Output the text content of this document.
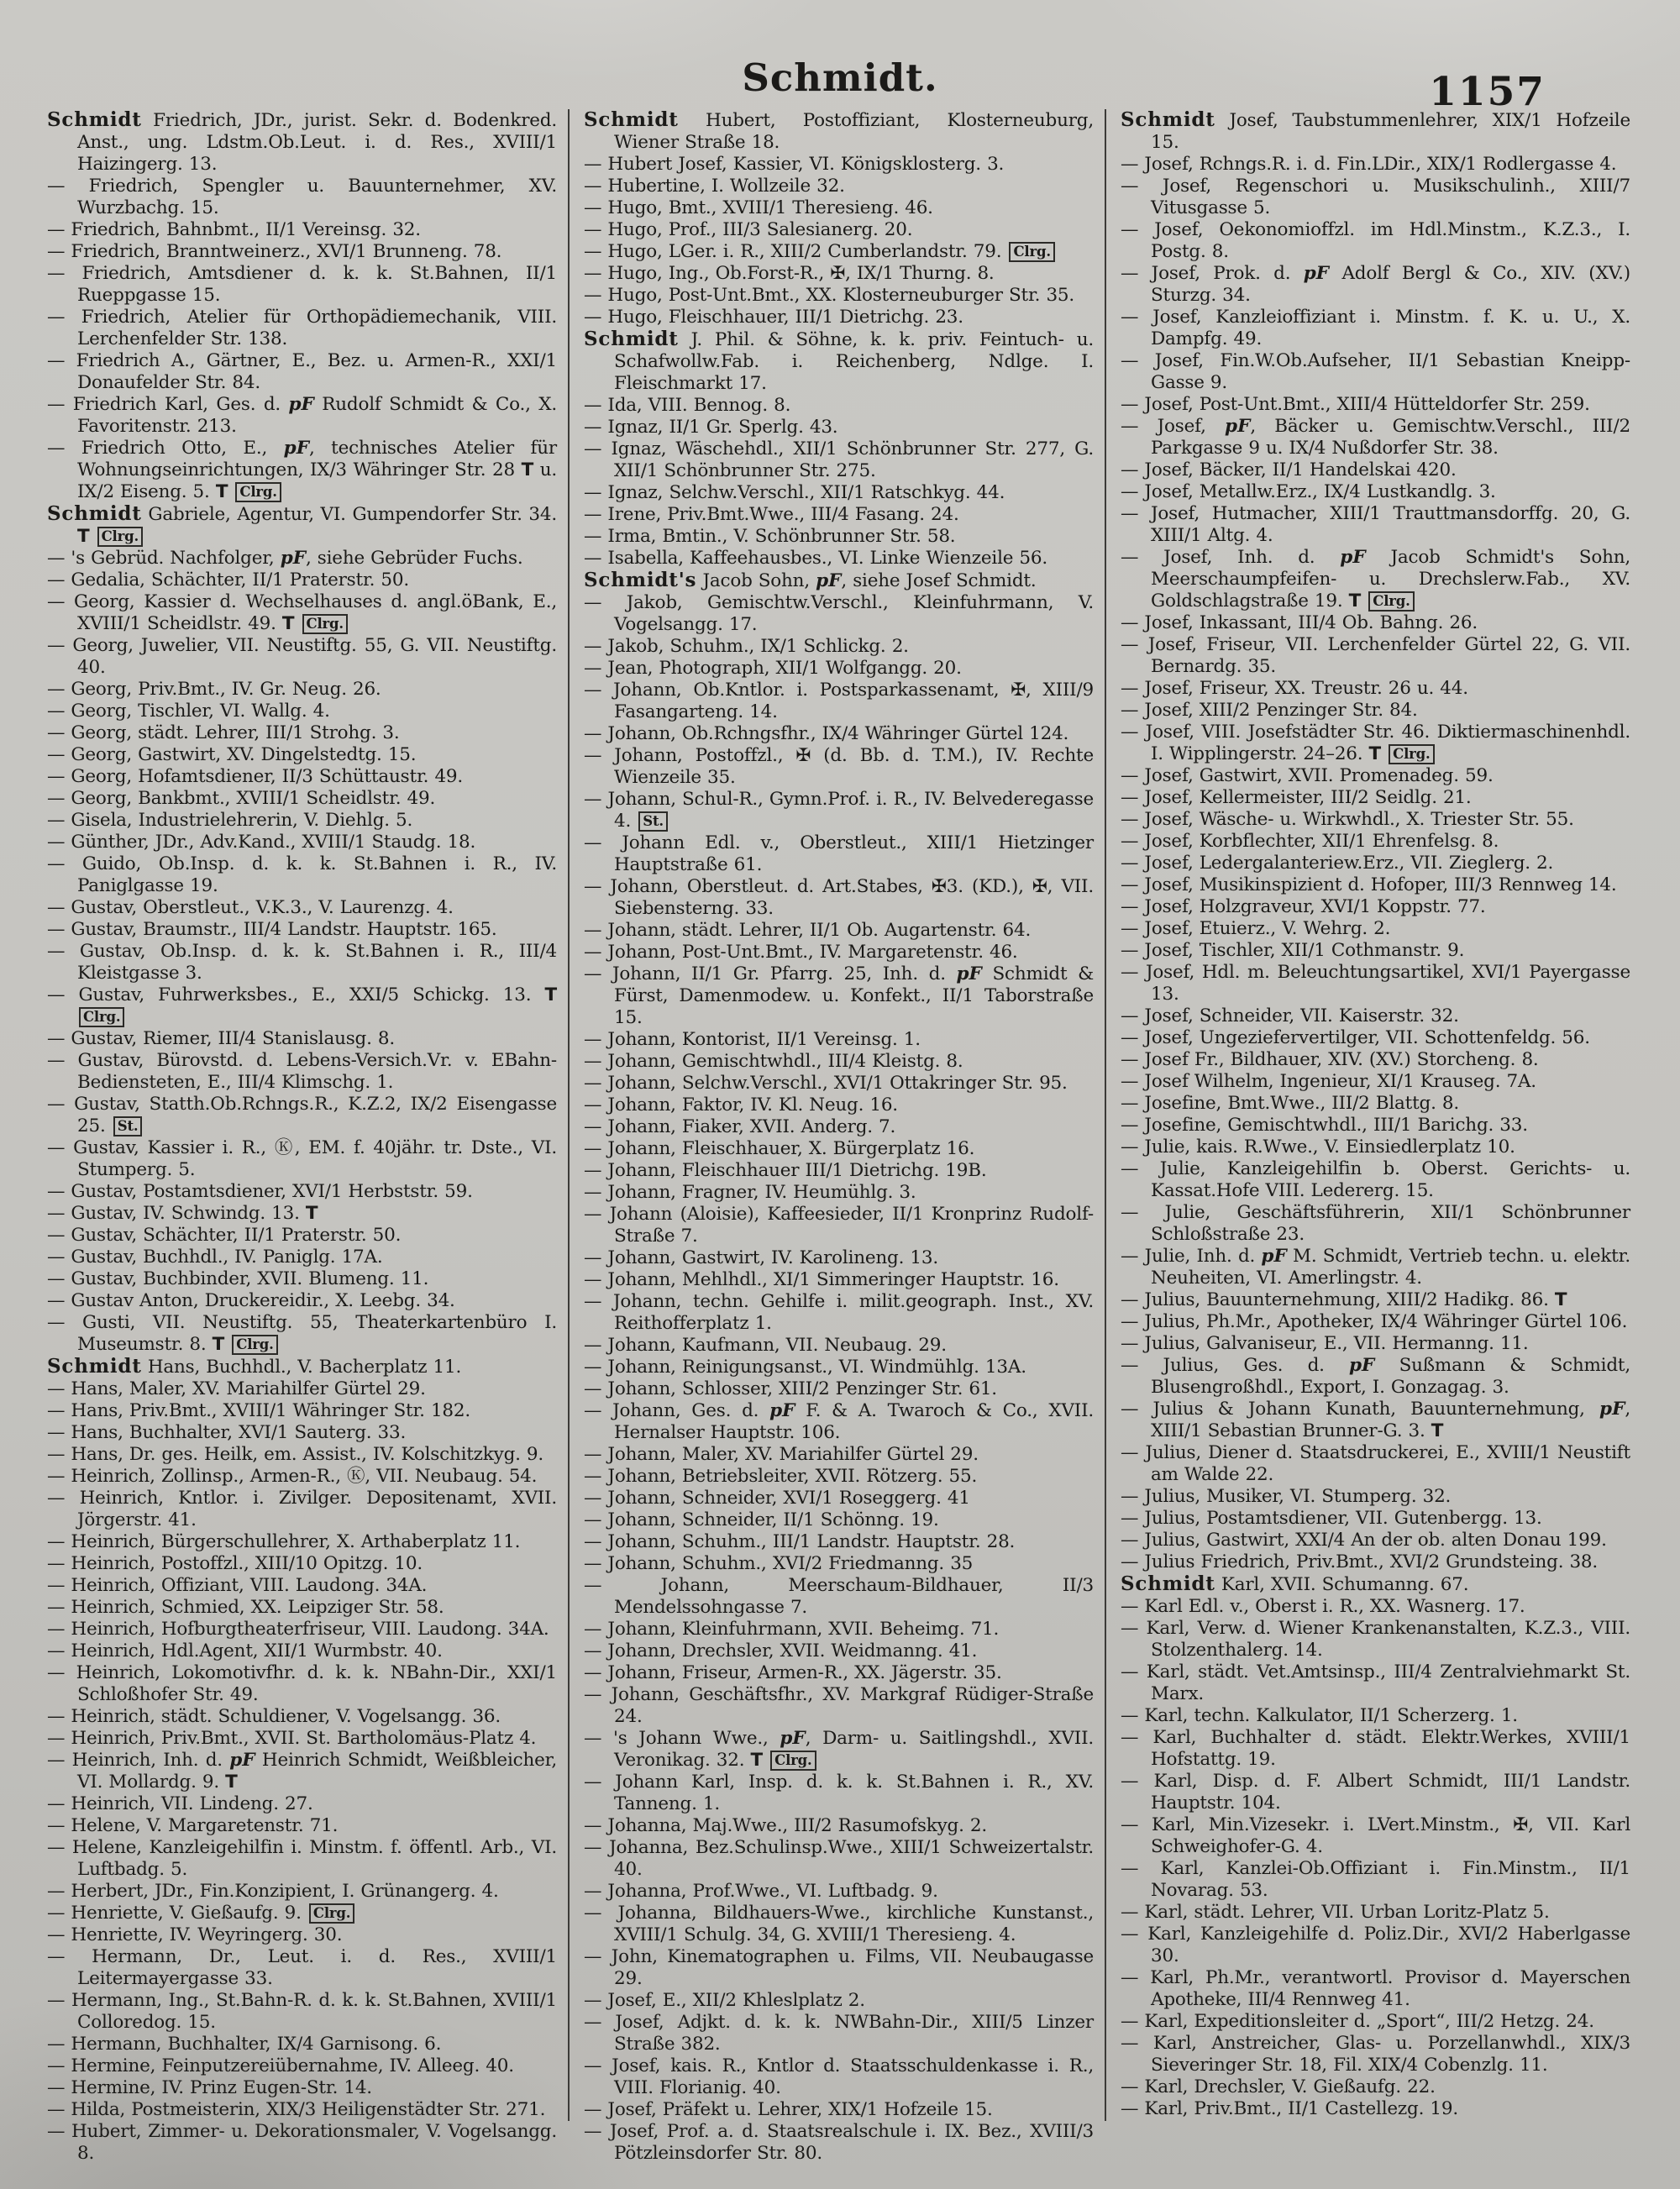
Schmidt.	1157
Schmidt Friedrich, JDr., jurist. Sekr. d. Bodenkred. Anst., ung. Ldstm.Ob.Leut. i. d. Res., XVIII/1 Haizingerg. 13.
— Friedrich, Spengler u. Bauunternehmer, XV. Wurzbachg. 15.
— Friedrich, Bahnbmt., II/1 Vereinsg. 32.
— Friedrich, Branntweinerz., XVI/1 Brunneng. 78.
— Friedrich, Amtsdiener d. k. k. St.Bahnen, II/1 Rueppgasse 15.
— Friedrich, Atelier für Orthopädiemechanik, VIII. Lerchenfelder Str. 138.
— Friedrich A., Gärtner, E., Bez. u. Armen-R., XXI/1 Donaufelder Str. 84.
— Friedrich Karl, Ges. d. pF Rudolf Schmidt & Co., X. Favoritenstr. 213.
— Friedrich Otto, E., pF, technisches Atelier für Wohnungseinrichtungen, IX/3 Währinger Str. 28 T u. IX/2 Eiseng. 5. T Clrg.
Schmidt Gabriele, Agentur, VI. Gumpendorfer Str. 34. T Clrg.
— 's Gebrüd. Nachfolger, pF, siehe Gebrüder Fuchs.
— Gedalia, Schächter, II/1 Praterstr. 50.
— Georg, Kassier d. Wechselhauses d. angl.öBank, E., XVIII/1 Scheidlstr. 49. T Clrg.
— Georg, Juwelier, VII. Neustiftg. 55, G. VII. Neustiftg. 40.
— Georg, Priv.Bmt., IV. Gr. Neug. 26.
— Georg, Tischler, VI. Wallg. 4.
— Georg, städt. Lehrer, III/1 Strohg. 3.
— Georg, Gastwirt, XV. Dingelstedtg. 15.
— Georg, Hofamtsdiener, II/3 Schüttaustr. 49.
— Georg, Bankbmt., XVIII/1 Scheidlstr. 49.
— Gisela, Industrielehrerin, V. Diehlg. 5.
— Günther, JDr., Adv.Kand., XVIII/1 Staudg. 18.
— Guido, Ob.Insp. d. k. k. St.Bahnen i. R., IV. Paniglgasse 19.
— Gustav, Oberstleut., V.K.3., V. Laurenzg. 4.
— Gustav, Braumstr., III/4 Landstr. Hauptstr. 165.
— Gustav, Ob.Insp. d. k. k. St.Bahnen i. R., III/4 Kleistgasse 3.
— Gustav, Fuhrwerksbes., E., XXI/5 Schickg. 13. T Clrg.
— Gustav, Riemer, III/4 Stanislausg. 8.
— Gustav, Bürovstd. d. Lebens-Versich.Vr. v. EBahn-Bediensteten, E., III/4 Klimschg. 1.
— Gustav, Statth.Ob.Rchngs.R., K.Z.2, IX/2 Eisengasse 25. St.
— Gustav, Kassier i. R., Ⓚ, EM. f. 40jähr. tr. Dste., VI. Stumperg. 5.
— Gustav, Postamtsdiener, XVI/1 Herbststr. 59.
— Gustav, IV. Schwindg. 13. T
— Gustav, Schächter, II/1 Praterstr. 50.
— Gustav, Buchhdl., IV. Paniglg. 17A.
— Gustav, Buchbinder, XVII. Blumeng. 11.
— Gustav Anton, Druckereidir., X. Leebg. 34.
— Gusti, VII. Neustiftg. 55, Theaterkartenbüro I. Museumstr. 8. T Clrg.
Schmidt Hans, Buchhdl., V. Bacherplatz 11.
— Hans, Maler, XV. Mariahilfer Gürtel 29.
— Hans, Priv.Bmt., XVIII/1 Währinger Str. 182.
— Hans, Buchhalter, XVI/1 Sauterg. 33.
— Hans, Dr. ges. Heilk, em. Assist., IV. Kolschitzkyg. 9.
— Heinrich, Zollinsp., Armen-R., Ⓚ, VII. Neubaug. 54.
— Heinrich, Kntlor. i. Zivilger. Depositenamt, XVII. Jörgerstr. 41.
— Heinrich, Bürgerschullehrer, X. Arthaberplatz 11.
— Heinrich, Postoffzl., XIII/10 Opitzg. 10.
— Heinrich, Offiziant, VIII. Laudong. 34A.
— Heinrich, Schmied, XX. Leipziger Str. 58.
— Heinrich, Hofburgtheaterfriseur, VIII. Laudong. 34A.
— Heinrich, Hdl.Agent, XII/1 Wurmbstr. 40.
— Heinrich, Lokomotivfhr. d. k. k. NBahn-Dir., XXI/1 Schloßhofer Str. 49.
— Heinrich, städt. Schuldiener, V. Vogelsangg. 36.
— Heinrich, Priv.Bmt., XVII. St. Bartholomäus-Platz 4.
— Heinrich, Inh. d. pF Heinrich Schmidt, Weißbleicher, VI. Mollardg. 9. T
— Heinrich, VII. Lindeng. 27.
— Helene, V. Margaretenstr. 71.
— Helene, Kanzleigehilfin i. Minstm. f. öffentl. Arb., VI. Luftbadg. 5.
— Herbert, JDr., Fin.Konzipient, I. Grünangerg. 4.
— Henriette, V. Gießaufg. 9. Clrg.
— Henriette, IV. Weyringerg. 30.
— Hermann, Dr., Leut. i. d. Res., XVIII/1 Leitermayergasse 33.
— Hermann, Ing., St.Bahn-R. d. k. k. St.Bahnen, XVIII/1 Colloredog. 15.
— Hermann, Buchhalter, IX/4 Garnisong. 6.
— Hermine, Feinputzereiübernahme, IV. Alleeg. 40.
— Hermine, IV. Prinz Eugen-Str. 14.
— Hilda, Postmeisterin, XIX/3 Heiligenstädter Str. 271.
— Hubert, Zimmer- u. Dekorationsmaler, V. Vogelsangg. 8.
Schmidt Hubert, Postoffiziant, Klosterneuburg, Wiener Straße 18.
— Hubert Josef, Kassier, VI. Königsklosterg. 3.
— Hubertine, I. Wollzeile 32.
— Hugo, Bmt., XVIII/1 Theresieng. 46.
— Hugo, Prof., III/3 Salesianerg. 20.
— Hugo, LGer. i. R., XIII/2 Cumberlandstr. 79. Clrg.
— Hugo, Ing., Ob.Forst-R., ✠, IX/1 Thurng. 8.
— Hugo, Post-Unt.Bmt., XX. Klosterneuburger Str. 35.
— Hugo, Fleischhauer, III/1 Dietrichg. 23.
Schmidt J. Phil. & Söhne, k. k. priv. Feintuch- u. Schafwollw.Fab. i. Reichenberg, Ndlge. I. Fleischmarkt 17.
— Ida, VIII. Bennog. 8.
— Ignaz, II/1 Gr. Sperlg. 43.
— Ignaz, Wäschehdl., XII/1 Schönbrunner Str. 277, G. XII/1 Schönbrunner Str. 275.
— Ignaz, Selchw.Verschl., XII/1 Ratschkyg. 44.
— Irene, Priv.Bmt.Wwe., III/4 Fasang. 24.
— Irma, Bmtin., V. Schönbrunner Str. 58.
— Isabella, Kaffeehausbes., VI. Linke Wienzeile 56.
Schmidt's Jacob Sohn, pF, siehe Josef Schmidt.
— Jakob, Gemischtw.Verschl., Kleinfuhrmann, V. Vogelsangg. 17.
— Jakob, Schuhm., IX/1 Schlickg. 2.
— Jean, Photograph, XII/1 Wolfgangg. 20.
— Johann, Ob.Kntlor. i. Postsparkassenamt, ✠, XIII/9 Fasangarteng. 14.
— Johann, Ob.Rchngsfhr., IX/4 Währinger Gürtel 124.
— Johann, Postoffzl., ✠ (d. Bb. d. T.M.), IV. Rechte Wienzeile 35.
— Johann, Schul-R., Gymn.Prof. i. R., IV. Belvederegasse 4. St.
— Johann Edl. v., Oberstleut., XIII/1 Hietzinger Hauptstraße 61.
— Johann, Oberstleut. d. Art.Stabes, ✠3. (KD.), ✠, VII. Siebensterng. 33.
— Johann, städt. Lehrer, II/1 Ob. Augartenstr. 64.
— Johann, Post-Unt.Bmt., IV. Margaretenstr. 46.
— Johann, II/1 Gr. Pfarrg. 25, Inh. d. pF Schmidt & Fürst, Damenmodew. u. Konfekt., II/1 Taborstraße 15.
— Johann, Kontorist, II/1 Vereinsg. 1.
— Johann, Gemischtwhdl., III/4 Kleistg. 8.
— Johann, Selchw.Verschl., XVI/1 Ottakringer Str. 95.
— Johann, Faktor, IV. Kl. Neug. 16.
— Johann, Fiaker, XVII. Anderg. 7.
— Johann, Fleischhauer, X. Bürgerplatz 16.
— Johann, Fleischhauer III/1 Dietrichg. 19B.
— Johann, Fragner, IV. Heumühlg. 3.
— Johann (Aloisie), Kaffeesieder, II/1 Kronprinz Rudolf-Straße 7.
— Johann, Gastwirt, IV. Karolineng. 13.
— Johann, Mehlhdl., XI/1 Simmeringer Hauptstr. 16.
— Johann, techn. Gehilfe i. milit.geograph. Inst., XV. Reithofferplatz 1.
— Johann, Kaufmann, VII. Neubaug. 29.
— Johann, Reinigungsanst., VI. Windmühlg. 13A.
— Johann, Schlosser, XIII/2 Penzinger Str. 61.
— Johann, Ges. d. pF F. & A. Twaroch & Co., XVII. Hernalser Hauptstr. 106.
— Johann, Maler, XV. Mariahilfer Gürtel 29.
— Johann, Betriebsleiter, XVII. Rötzerg. 55.
— Johann, Schneider, XVI/1 Roseggerg. 41
— Johann, Schneider, II/1 Schönng. 19.
— Johann, Schuhm., III/1 Landstr. Hauptstr. 28.
— Johann, Schuhm., XVI/2 Friedmanng. 35
— Johann, Meerschaum-Bildhauer, II/3 Mendelssohngasse 7.
— Johann, Kleinfuhrmann, XVII. Beheimg. 71.
— Johann, Drechsler, XVII. Weidmanng. 41.
— Johann, Friseur, Armen-R., XX. Jägerstr. 35.
— Johann, Geschäftsfhr., XV. Markgraf Rüdiger-Straße 24.
— 's Johann Wwe., pF, Darm- u. Saitlingshdl., XVII. Veronikag. 32. T Clrg.
— Johann Karl, Insp. d. k. k. St.Bahnen i. R., XV. Tanneng. 1.
— Johanna, Maj.Wwe., III/2 Rasumofskyg. 2.
— Johanna, Bez.Schulinsp.Wwe., XIII/1 Schweizertalstr. 40.
— Johanna, Prof.Wwe., VI. Luftbadg. 9.
— Johanna, Bildhauers-Wwe., kirchliche Kunstanst., XVIII/1 Schulg. 34, G. XVIII/1 Theresieng. 4.
— John, Kinematographen u. Films, VII. Neubaugasse 29.
— Josef, E., XII/2 Khleslplatz 2.
— Josef, Adjkt. d. k. k. NWBahn-Dir., XIII/5 Linzer Straße 382.
— Josef, kais. R., Kntlor d. Staatsschuldenkasse i. R., VIII. Florianig. 40.
— Josef, Präfekt u. Lehrer, XIX/1 Hofzeile 15.
— Josef, Prof. a. d. Staatsrealschule i. IX. Bez., XVIII/3 Pötzleinsdorfer Str. 80.
Schmidt Josef, Taubstummenlehrer, XIX/1 Hofzeile 15.
— Josef, Rchngs.R. i. d. Fin.LDir., XIX/1 Rodlergasse 4.
— Josef, Regenschori u. Musikschulinh., XIII/7 Vitusgasse 5.
— Josef, Oekonomioffzl. im Hdl.Minstm., K.Z.3., I. Postg. 8.
— Josef, Prok. d. pF Adolf Bergl & Co., XIV. (XV.) Sturzg. 34.
— Josef, Kanzleioffiziant i. Minstm. f. K. u. U., X. Dampfg. 49.
— Josef, Fin.W.Ob.Aufseher, II/1 Sebastian Kneipp-Gasse 9.
— Josef, Post-Unt.Bmt., XIII/4 Hütteldorfer Str. 259.
— Josef, pF, Bäcker u. Gemischtw.Verschl., III/2 Parkgasse 9 u. IX/4 Nußdorfer Str. 38.
— Josef, Bäcker, II/1 Handelskai 420.
— Josef, Metallw.Erz., IX/4 Lustkandlg. 3.
— Josef, Hutmacher, XIII/1 Trauttmansdorffg. 20, G. XIII/1 Altg. 4.
— Josef, Inh. d. pF Jacob Schmidt's Sohn, Meerschaumpfeifen- u. Drechslerw.Fab., XV. Goldschlagstraße 19. T Clrg.
— Josef, Inkassant, III/4 Ob. Bahng. 26.
— Josef, Friseur, VII. Lerchenfelder Gürtel 22, G. VII. Bernardg. 35.
— Josef, Friseur, XX. Treustr. 26 u. 44.
— Josef, XIII/2 Penzinger Str. 84.
— Josef, VIII. Josefstädter Str. 46. Diktiermaschinenhdl. I. Wipplingerstr. 24–26. T Clrg.
— Josef, Gastwirt, XVII. Promenadeg. 59.
— Josef, Kellermeister, III/2 Seidlg. 21.
— Josef, Wäsche- u. Wirkwhdl., X. Triester Str. 55.
— Josef, Korbflechter, XII/1 Ehrenfelsg. 8.
— Josef, Ledergalanteriew.Erz., VII. Zieglerg. 2.
— Josef, Musikinspizient d. Hofoper, III/3 Rennweg 14.
— Josef, Holzgraveur, XVI/1 Koppstr. 77.
— Josef, Etuierz., V. Wehrg. 2.
— Josef, Tischler, XII/1 Cothmanstr. 9.
— Josef, Hdl. m. Beleuchtungsartikel, XVI/1 Payergasse 13.
— Josef, Schneider, VII. Kaiserstr. 32.
— Josef, Ungeziefervertilger, VII. Schottenfeldg. 56.
— Josef Fr., Bildhauer, XIV. (XV.) Storcheng. 8.
— Josef Wilhelm, Ingenieur, XI/1 Krauseg. 7A.
— Josefine, Bmt.Wwe., III/2 Blattg. 8.
— Josefine, Gemischtwhdl., III/1 Barichg. 33.
— Julie, kais. R.Wwe., V. Einsiedlerplatz 10.
— Julie, Kanzleigehilfin b. Oberst. Gerichts- u. Kassat.Hofe VIII. Ledererg. 15.
— Julie, Geschäftsführerin, XII/1 Schönbrunner Schloßstraße 23.
— Julie, Inh. d. pF M. Schmidt, Vertrieb techn. u. elektr. Neuheiten, VI. Amerlingstr. 4.
— Julius, Bauunternehmung, XIII/2 Hadikg. 86. T
— Julius, Ph.Mr., Apotheker, IX/4 Währinger Gürtel 106.
— Julius, Galvaniseur, E., VII. Hermanng. 11.
— Julius, Ges. d. pF Sußmann & Schmidt, Blusengroßhdl., Export, I. Gonzagag. 3.
— Julius & Johann Kunath, Bauunternehmung, pF, XIII/1 Sebastian Brunner-G. 3. T
— Julius, Diener d. Staatsdruckerei, E., XVIII/1 Neustift am Walde 22.
— Julius, Musiker, VI. Stumperg. 32.
— Julius, Postamtsdiener, VII. Gutenbergg. 13.
— Julius, Gastwirt, XXI/4 An der ob. alten Donau 199.
— Julius Friedrich, Priv.Bmt., XVI/2 Grundsteing. 38.
Schmidt Karl, XVII. Schumanng. 67.
— Karl Edl. v., Oberst i. R., XX. Wasnerg. 17.
— Karl, Verw. d. Wiener Krankenanstalten, K.Z.3., VIII. Stolzenthalerg. 14.
— Karl, städt. Vet.Amtsinsp., III/4 Zentralviehmarkt St. Marx.
— Karl, techn. Kalkulator, II/1 Scherzerg. 1.
— Karl, Buchhalter d. städt. Elektr.Werkes, XVIII/1 Hofstattg. 19.
— Karl, Disp. d. F. Albert Schmidt, III/1 Landstr. Hauptstr. 104.
— Karl, Min.Vizesekr. i. LVert.Minstm., ✠, VII. Karl Schweighofer-G. 4.
— Karl, Kanzlei-Ob.Offiziant i. Fin.Minstm., II/1 Novarag. 53.
— Karl, städt. Lehrer, VII. Urban Loritz-Platz 5.
— Karl, Kanzleigehilfe d. Poliz.Dir., XVI/2 Haberlgasse 30.
— Karl, Ph.Mr., verantwortl. Provisor d. Mayerschen Apotheke, III/4 Rennweg 41.
— Karl, Expeditionsleiter d. „Sport“, III/2 Hetzg. 24.
— Karl, Anstreicher, Glas- u. Porzellanwhdl., XIX/3 Sieveringer Str. 18, Fil. XIX/4 Cobenzlg. 11.
— Karl, Drechsler, V. Gießaufg. 22.
— Karl, Priv.Bmt., II/1 Castellezg. 19.
